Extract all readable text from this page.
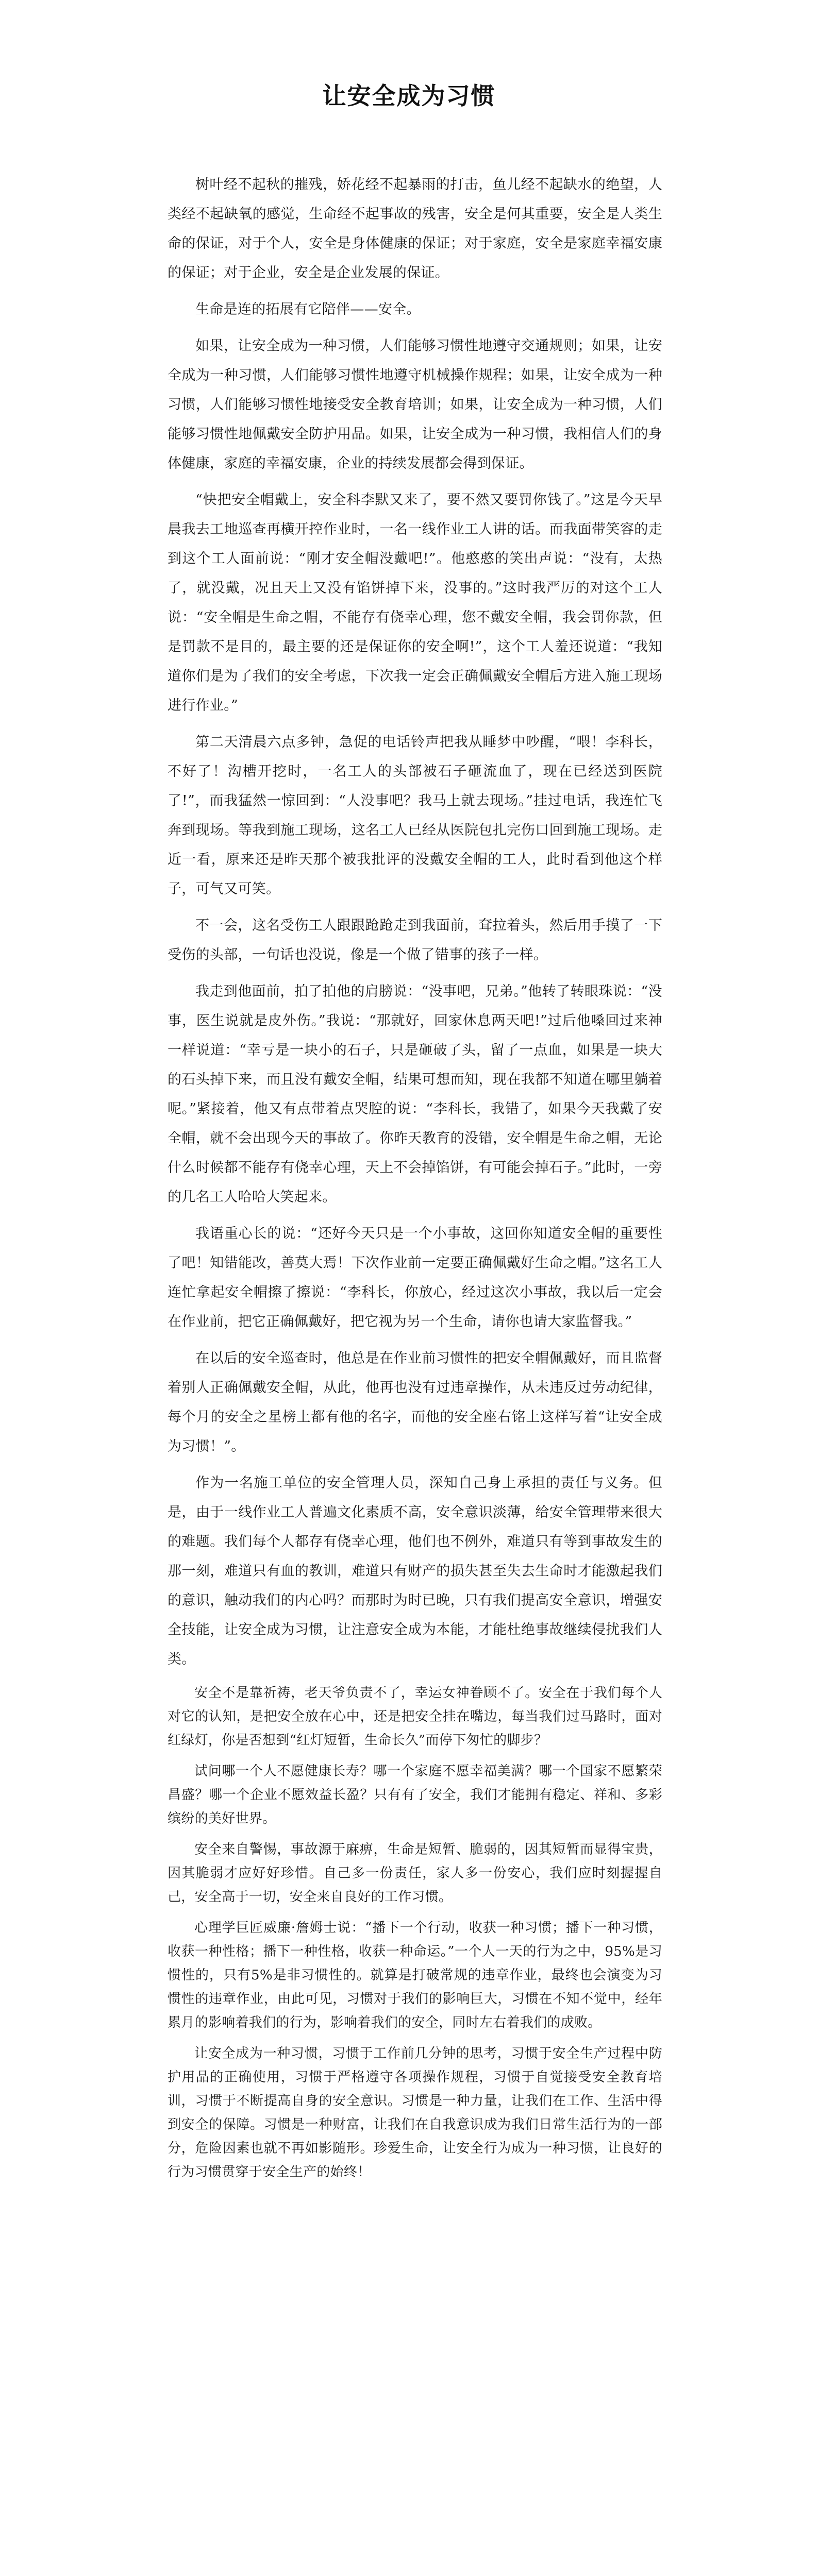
让安全成为习惯

树叶经不起秋的摧残，娇花经不起暴雨的打击，鱼儿经不起缺水的绝望，人类经不起缺氧的感觉，生命经不起事故的残害，安全是何其重要，安全是人类生命的保证，对于个人，安全是身体健康的保证；对于家庭，安全是家庭幸福安康的保证；对于企业，安全是企业发展的保证。

生命是连的拓展有它陪伴——安全。

如果，让安全成为一种习惯，人们能够习惯性地遵守交通规则；如果，让安全成为一种习惯，人们能够习惯性地遵守机械操作规程；如果，让安全成为一种习惯，人们能够习惯性地接受安全教育培训；如果，让安全成为一种习惯，人们能够习惯性地佩戴安全防护用品。如果，让安全成为一种习惯，我相信人们的身体健康，家庭的幸福安康，企业的持续发展都会得到保证。

“快把安全帽戴上，安全科李默又来了，要不然又要罚你钱了。”这是今天早晨我去工地巡查再横开控作业时，一名一线作业工人讲的话。而我面带笑容的走到这个工人面前说：“刚才安全帽没戴吧!”。他憨憨的笑出声说：“没有，太热了，就没戴，况且天上又没有馅饼掉下来，没事的。”这时我严厉的对这个工人说：“安全帽是生命之帽，不能存有侥幸心理，您不戴安全帽，我会罚你款，但是罚款不是目的，最主要的还是保证你的安全啊!”，这个工人羞还说道：“我知道你们是为了我们的安全考虑，下次我一定会正确佩戴安全帽后方进入施工现场进行作业。”

第二天清晨六点多钟，急促的电话铃声把我从睡梦中吵醒，“喂！李科长，不好了！沟槽开挖时，一名工人的头部被石子砸流血了，现在已经送到医院了!”，而我猛然一惊回到：“人没事吧？我马上就去现场。”挂过电话，我连忙飞奔到现场。等我到施工现场，这名工人已经从医院包扎完伤口回到施工现场。走近一看，原来还是昨天那个被我批评的没戴安全帽的工人，此时看到他这个样子，可气又可笑。

不一会，这名受伤工人跟跟跄跄走到我面前，耷拉着头，然后用手摸了一下受伤的头部，一句话也没说，像是一个做了错事的孩子一样。

我走到他面前，拍了拍他的肩膀说：“没事吧，兄弟。”他转了转眼珠说：“没事，医生说就是皮外伤。”我说：“那就好，回家休息两天吧!”过后他嗓回过来神一样说道：“幸亏是一块小的石子，只是砸破了头，留了一点血，如果是一块大的石头掉下来，而且没有戴安全帽，结果可想而知，现在我都不知道在哪里躺着呢。”紧接着，他又有点带着点哭腔的说：“李科长，我错了，如果今天我戴了安全帽，就不会出现今天的事故了。你昨天教育的没错，安全帽是生命之帽，无论什么时候都不能存有侥幸心理，天上不会掉馅饼，有可能会掉石子。”此时，一旁的几名工人哈哈大笑起来。

我语重心长的说：“还好今天只是一个小事故，这回你知道安全帽的重要性了吧！知错能改，善莫大焉！下次作业前一定要正确佩戴好生命之帽。”这名工人连忙拿起安全帽擦了擦说：“李科长，你放心，经过这次小事故，我以后一定会在作业前，把它正确佩戴好，把它视为另一个生命，请你也请大家监督我。”

在以后的安全巡查时，他总是在作业前习惯性的把安全帽佩戴好，而且监督着别人正确佩戴安全帽，从此，他再也没有过违章操作，从未违反过劳动纪律，每个月的安全之星榜上都有他的名字，而他的安全座右铭上这样写着“让安全成为习惯！”。

作为一名施工单位的安全管理人员，深知自己身上承担的责任与义务。但是，由于一线作业工人普遍文化素质不高，安全意识淡薄，给安全管理带来很大的难题。我们每个人都存有侥幸心理，他们也不例外，难道只有等到事故发生的那一刻，难道只有血的教训，难道只有财产的损失甚至失去生命时才能激起我们的意识，触动我们的内心吗？而那时为时已晚，只有我们提高安全意识，增强安全技能，让安全成为习惯，让注意安全成为本能，才能杜绝事故继续侵扰我们人类。

安全不是靠祈祷，老天爷负责不了，幸运女神眷顾不了。安全在于我们每个人对它的认知，是把安全放在心中，还是把安全挂在嘴边，每当我们过马路时，面对红绿灯，你是否想到“红灯短暂，生命长久”而停下匆忙的脚步？

试问哪一个人不愿健康长寿？哪一个家庭不愿幸福美满？哪一个国家不愿繁荣昌盛？哪一个企业不愿效益长盈？只有有了安全，我们才能拥有稳定、祥和、多彩缤纷的美好世界。

安全来自警惕，事故源于麻痹，生命是短暂、脆弱的，因其短暂而显得宝贵，因其脆弱才应好好珍惜。自己多一份责任，家人多一份安心，我们应时刻握握自己，安全高于一切，安全来自良好的工作习惯。

心理学巨匠威廉·詹姆士说：“播下一个行动，收获一种习惯；播下一种习惯，收获一种性格；播下一种性格，收获一种命运。”一个人一天的行为之中，95%是习惯性的，只有5%是非习惯性的。就算是打破常规的违章作业，最终也会演变为习惯性的违章作业，由此可见，习惯对于我们的影响巨大，习惯在不知不觉中，经年累月的影响着我们的行为，影响着我们的安全，同时左右着我们的成败。

让安全成为一种习惯，习惯于工作前几分钟的思考，习惯于安全生产过程中防护用品的正确使用，习惯于严格遵守各项操作规程，习惯于自觉接受安全教育培训，习惯于不断提高自身的安全意识。习惯是一种力量，让我们在工作、生活中得到安全的保障。习惯是一种财富，让我们在自我意识成为我们日常生活行为的一部分，危险因素也就不再如影随形。珍爱生命，让安全行为成为一种习惯，让良好的行为习惯贯穿于安全生产的始终！
